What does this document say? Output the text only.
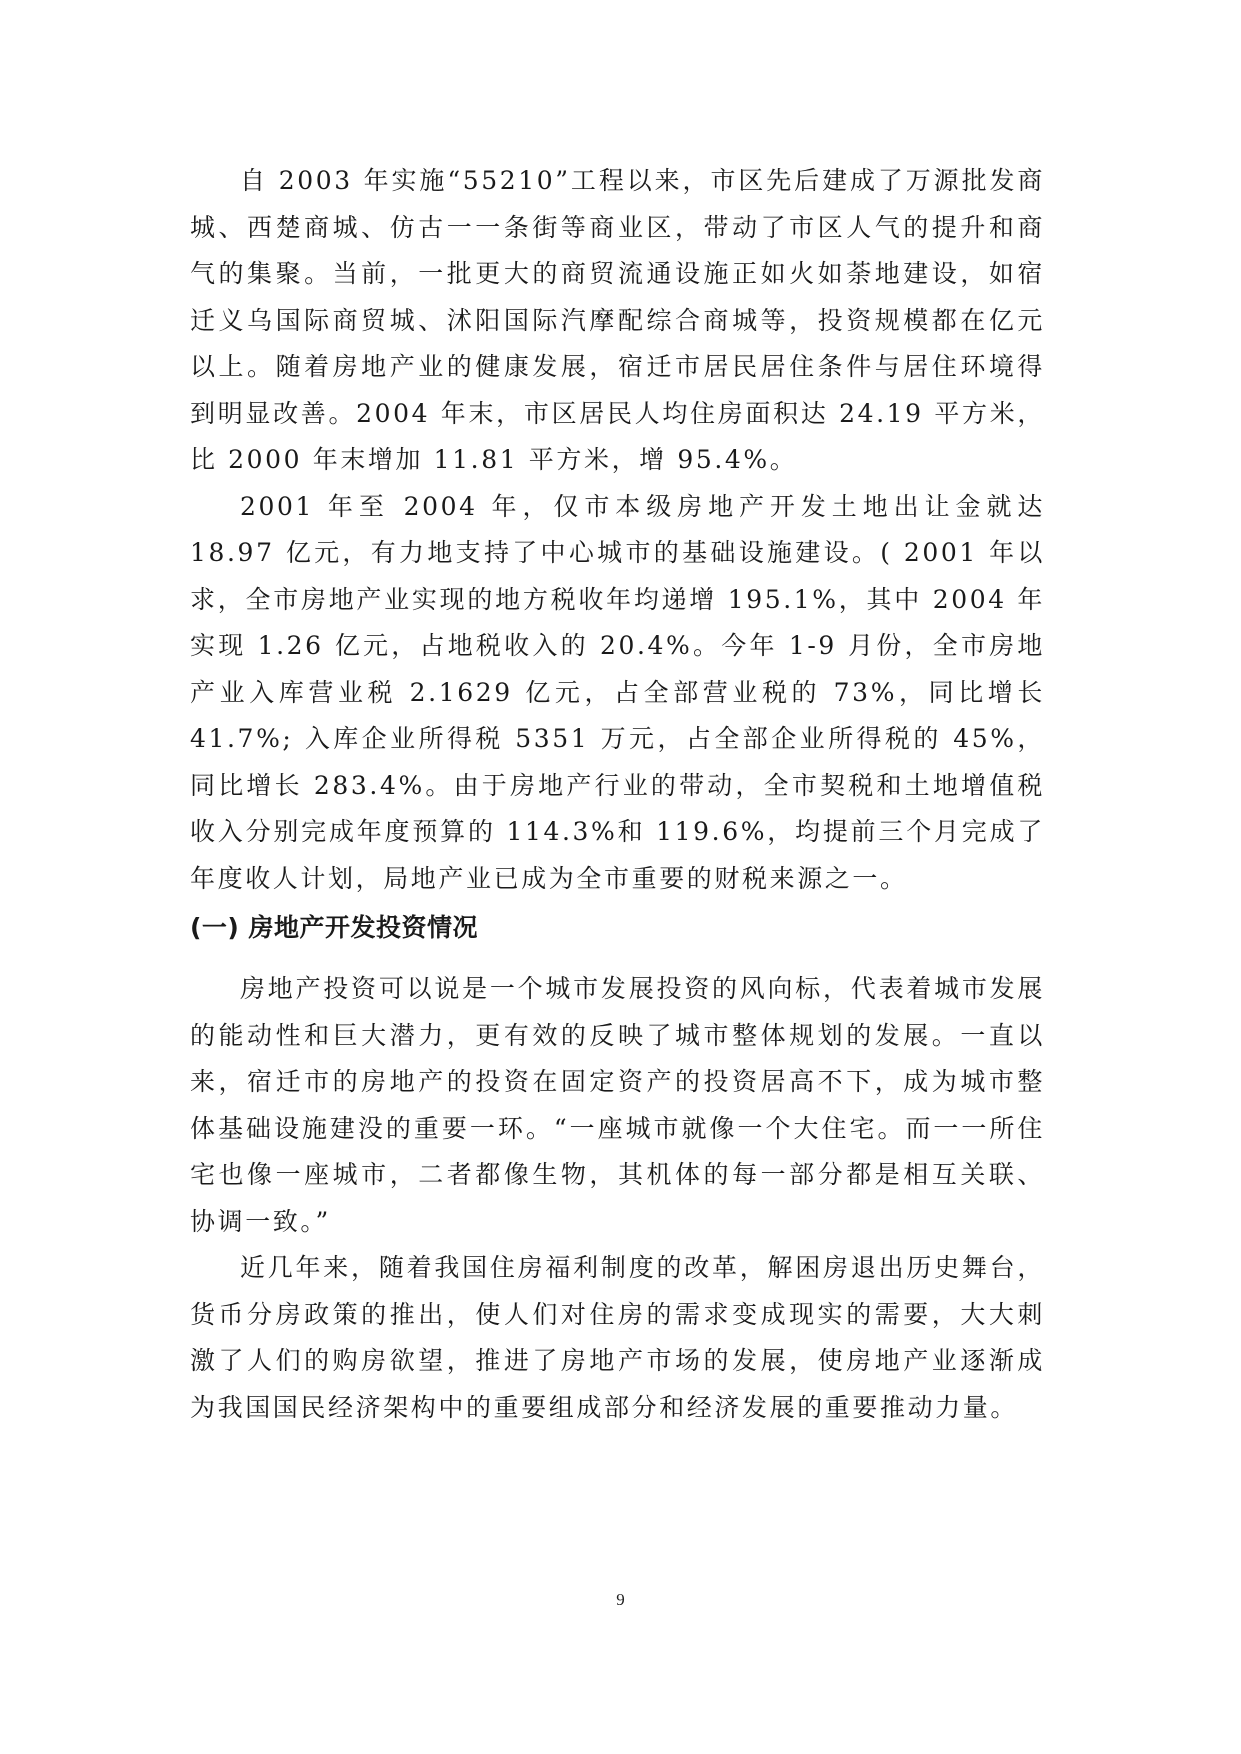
自 2003 年实施“55210”工程以来，市区先后建成了万源批发商城、西楚商城、仿古一一条街等商业区，带动了市区人气的提升和商气的集聚。当前，一批更大的商贸流通设施正如火如荼地建设，如宿迁义乌国际商贸城、沭阳国际汽摩配综合商城等，投资规模都在亿元以上。随着房地产业的健康发展，宿迁市居民居住条件与居住环境得到明显改善。2004 年末，市区居民人均住房面积达 24.19 平方米，比 2000 年末增加 11.81 平方米，增 95.4%。

2001 年至 2004 年，仅市本级房地产开发土地出让金就达 18.97 亿元，有力地支持了中心城市的基础设施建设。( 2001 年以求，全市房地产业实现的地方税收年均递增 195.1%，其中 2004 年实现 1.26 亿元，占地税收入的 20.4%。今年 1-9 月份，全市房地产业入库营业税 2.1629 亿元，占全部营业税的 73%，同比增长 41.7%; 入库企业所得税 5351 万元，占全部企业所得税的 45%，同比增长 283.4%。由于房地产行业的带动，全市契税和土地增值税收入分别完成年度预算的 114.3%和 119.6%，均提前三个月完成了年度收人计划，局地产业已成为全市重要的财税来源之一。

(一) 房地产开发投资情况

房地产投资可以说是一个城市发展投资的风向标，代表着城市发展的能动性和巨大潜力，更有效的反映了城市整体规划的发展。一直以来，宿迁市的房地产的投资在固定资产的投资居高不下，成为城市整体基础设施建没的重要一环。“一座城市就像一个大住宅。而一一所住宅也像一座城市，二者都像生物，其机体的每一部分都是相互关联、协调一致。”

近几年来，随着我国住房福利制度的改革，解困房退出历史舞台，货币分房政策的推出，使人们对住房的需求变成现实的需要，大大刺激了人们的购房欲望，推进了房地产市场的发展，使房地产业逐渐成为我国国民经济架构中的重要组成部分和经济发展的重要推动力量。

9
